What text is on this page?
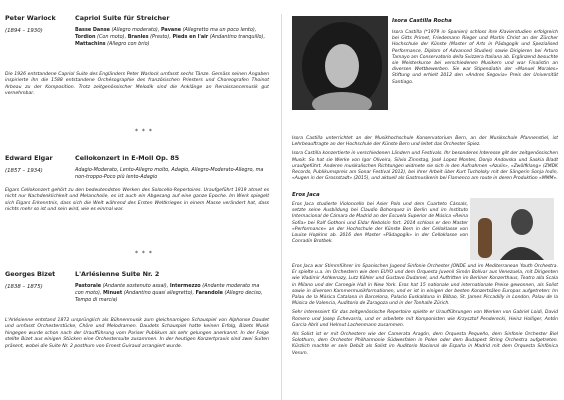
Peter Warlock
(1894 – 1930)
Capriol Suite für Streicher
Basse Danse (Allegro moderato), Pavane (Allegretto ma un poco lento), Tordion (Con moto), Branles (Presto), Pieds en l'air (Andantino tranquillo), Mattachins (Allegro con brio)
Die 1926 entstandene Capriol Suite des Engländers Peter Warlock umfasst sechs Tänze. Gemäss seinen Angaben inspirierte ihn die 1588 entstandene Orchésographie des französischen Priesters und Choreografen Thoinot Arbeau zu der Komposition. Trotz zeitgenössischer Melodik sind die Anklänge an Renaissancemusik gut vernehmbar.
* * *
Edward Elgar
(1857 – 1934)
Cellokonzert in E-Moll Op. 85
Adagio-Moderato, Lento-Allegro molto, Adagio, Allegro-Moderato-Allegro, ma non-troppo-Poco più lento-Adagio
Elgars Cellokonzert gehört zu den bedeutendsten Werken des Solocello-Repertoires. Uraufgeführt 1919 atmet es nicht nur Nachdenklichkeit und Melancholie, es ist auch ein Abgesang auf eine ganze Epoche. Im Werk spiegelt sich Elgars Erkenntnis, dass sich die Welt während des Ersten Weltkrieges in einem Masse verändert hat, dass nichts mehr so ist und sein wird, wie es einmal war.
* * *
Georges Bizet
(1838 – 1875)
L'Arlésienne Suite Nr. 2
Pastorale (Andante sostenuto assai), Intermezzo (Andante moderato ma con moto), Minuet (Andantino quasi allegretto), Farandole (Allegro deciso, Tempo di marcia)
L'Arlésienne entstand 1872 ursprünglich als Bühnenmusik zum gleichnamigen Schauspiel von Alphonse Daudet und umfasst Orchesterstücke, Chöre und Melodramen. Daudets Schauspiel hatte keinen Erfolg, Bizets Musik hingegen wurde schon nach der Uraufführung vom Pariser Publikum als sehr gelungen anerkannt. In der Folge stellte Bizet aus einigen Stücken eine Orchestersuite zusammen. In der heutigen Konzertpraxis sind zwei Suiten präsent, wobei die Suite Nr. 2 posthum von Ernest Guiraud arrangiert wurde.
Isora Castilla Rocha

Isora Castilla (*1979 in Spanien) schloss ihre Klavierstudien erfolgreich bei Gitts Primet, Friedemann Rieger und Martin Christ an der Zürcher Hochschule der Künste (Master of Arts in Pädagogik und Spezialised Performance, Diplom of Advanced Studies) sowie Dirigieren bei Arturo Tamayo am Conservatorio della Svizzera Italiana ab. Ergänzend besuchte sie Meisterkurse bei verschiedenen Musikern und war Finalistin an diversen Wettbewerben. Sie war Stipendiatin der «Manuel Morales» Stiftung und erhielt 2012 den «Andres Segovia» Preis der Universität Santiago.

Isora Castilla unterrichtet an der Musikhochschule Konservatorium Bern, an der Musikschule Pfannenstiel, ist Lehrbeauftragte an der Hochschule der Künste Bern und leitet das Orchester Spiez.

Isora Castilla konzertierte in verschiedenen Ländern und Festivals. Ihr besonderes Interesse gilt der zeitgenössischen Musik: So hat sie Werke von Igor Oliveira, Silvio Zinnstag, José Lopez Montes, Donjo Andovska und Saskia Bladt uraufgeführt. Anderen musikalischen Richtungen widmete sie sich in den Aufnahmen «Azulis», «Zwölfklang» (ZMDK Records, Publikumspreis am Sonar Festival 2012), bei ihrer Arbeit über Kurt Tucholsky mit der Sängerin Sonja Indin, «Augen in der Grossstadt» (2015), und aktuell als Gastmusikerin bei Flamenco am route in deren Produktion «MMM».

Eros Jaca

Eros Jaca studierte Violoncello bei Asier Polo und dem Cuarteto Cássals, setzte seine Ausbildung bei Claudio Bohorquez in Berlin und im Instituto Internacional de Cámara de Madrid an der Escuela Superior de Música «Reina Sofía» bei Ralf Gothoni und Eldar Nebolsin fort. 2014 schloss er den Master «Performance» an der Hochschule der Künste Bern in der Celloklasse von Louise Hopkins ab. 2016 den Master «Pädagogik» in der Celloklasse von Conradin Brotbek.

Eros Jaca war Stimmführer im Spanischen Jugend Sinfonie Orchester JONDE und im Mediterranean Youth Orchestra. Er spielte u.a. im Orchestern wie dem EUYO und dem Orquesta Juvenil Simón Bolívar aus Venezuela, mit Dirigenten wie Vladimir Ashkenazy, Lutz Köhler und Gustavo Dudamel, und Auftritten im Berliner Konzerthaus, Teatro alla Scala in Milano und der Carnegie Hall in New York. Eros hat 15 nationale und internationale Preise gewonnen, als Solist sowie in diversen Kammermusikformationen, und er ist in einigen der besten Konzertsälen Europas aufgetreten: Im Palau de la Música Catalana in Barcelona, Palacio Euskalduna in Bilbao, St. James Piccadilly in London, Palau de la Música de Valencia, Auditorio de Zaragoza und in der Tonhalle Zürich.

Sehr interessiert für das zeitgenössische Repertoire spielte er Uraufführungen von Werken von Gabriel Loidi, David Romero und Josep Echevarría, und er arbeitete mit Komponisten wie Krzysztof Penderecki, Heinz Holliger, Antón García Abril und Helmut Lachenmann zusammen.

Als Solist ist er mit Orchestern wie der Camerata Aragón, dem Orquesta Pequeño, dem Sinfonie Orchester Biel Solothurn, dem Orchester Philharmonie Südwesfalen in Polen oder dem Budapest String Orchestra aufgetreten. Kürzlich machte er sein Debüt als Solist im Auditorio Nacional de España in Madrid mit dem Orquesta Sinfónica Verum.
